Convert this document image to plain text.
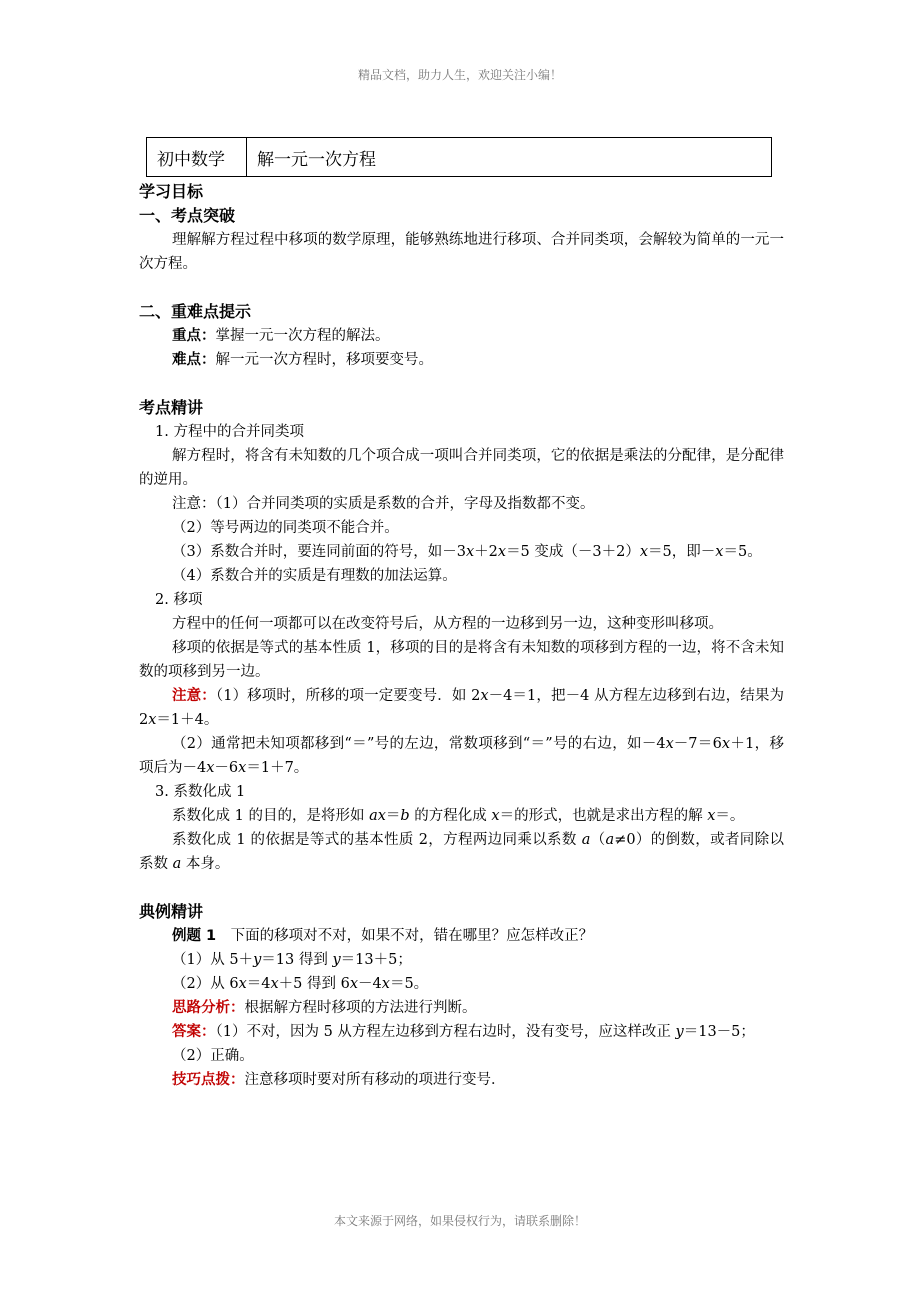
精品文档，助力人生，欢迎关注小编！
初中数学	解一元一次方程
学习目标
一、考点突破
理解解方程过程中移项的数学原理，能够熟练地进行移项、合并同类项，会解较为简单的一元一次方程。
二、重难点提示
重点：掌握一元一次方程的解法。
难点：解一元一次方程时，移项要变号。
考点精讲
1. 方程中的合并同类项
解方程时，将含有未知数的几个项合成一项叫合并同类项，它的依据是乘法的分配律，是分配律的逆用。
注意：（1）合并同类项的实质是系数的合并，字母及指数都不变。
（2）等号两边的同类项不能合并。
（3）系数合并时，要连同前面的符号，如－3x＋2x＝5 变成（－3＋2）x＝5，即－x＝5。
（4）系数合并的实质是有理数的加法运算。
2. 移项
方程中的任何一项都可以在改变符号后，从方程的一边移到另一边，这种变形叫移项。
移项的依据是等式的基本性质 1，移项的目的是将含有未知数的项移到方程的一边，将不含未知数的项移到另一边。
注意：（1）移项时，所移的项一定要变号．如 2x－4＝1，把－4 从方程左边移到右边，结果为 2x＝1＋4。
（2）通常把未知项都移到“＝”号的左边，常数项移到“＝”号的右边，如－4x－7＝6x＋1，移项后为－4x－6x＝1＋7。
3. 系数化成 1
系数化成 1 的目的，是将形如 ax＝b 的方程化成 x＝的形式，也就是求出方程的解 x＝。
系数化成 1 的依据是等式的基本性质 2，方程两边同乘以系数 a（a≠0）的倒数，或者同除以系数 a 本身。
典例精讲
例题 1　下面的移项对不对，如果不对，错在哪里？应怎样改正？
（1）从 5＋y＝13 得到 y＝13＋5；
（2）从 6x＝4x＋5 得到 6x－4x＝5。
思路分析：根据解方程时移项的方法进行判断。
答案：（1）不对，因为 5 从方程左边移到方程右边时，没有变号，应这样改正 y＝13－5；
（2）正确。
技巧点拨：注意移项时要对所有移动的项进行变号．
本文来源于网络，如果侵权行为，请联系删除！
